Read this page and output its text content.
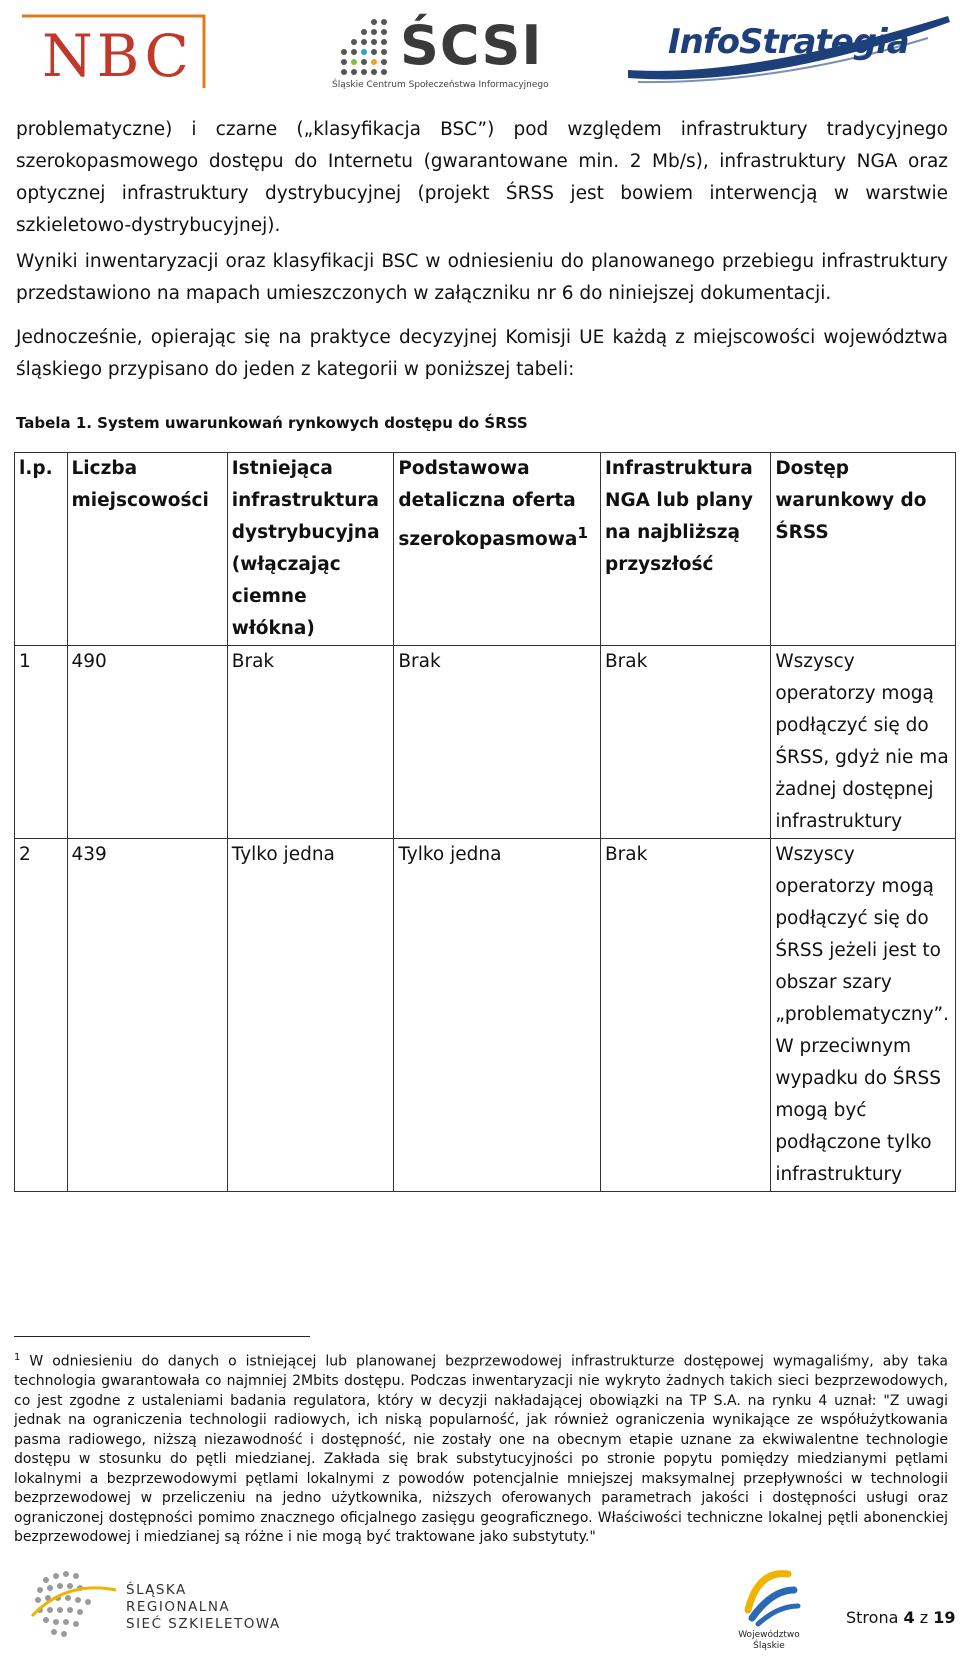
NBC	ŚCSI
Śląskie Centrum Społeczeństwa Informacyjnego
InfoStrategia
problematyczne) i czarne („klasyfikacja BSC”) pod względem infrastruktury tradycyjnego szerokopasmowego dostępu do Internetu (gwarantowane min. 2 Mb/s), infrastruktury NGA oraz optycznej infrastruktury dystrybucyjnej (projekt ŚRSS jest bowiem interwencją w warstwie szkieletowo-dystrybucyjnej).
Wyniki inwentaryzacji oraz klasyfikacji BSC w odniesieniu do planowanego przebiegu infrastruktury przedstawiono na mapach umieszczonych w załączniku nr 6 do niniejszej dokumentacji.
Jednocześnie, opierając się na praktyce decyzyjnej Komisji UE każdą z miejscowości województwa śląskiego przypisano do jeden z kategorii w poniższej tabeli:
Tabela 1. System uwarunkowań rynkowych dostępu do ŚRSS
l.p.	Liczba miejscowości	Istniejąca infrastruktura dystrybucyjna (włączając ciemne włókna)	Podstawowa detaliczna oferta szerokopasmowa$^1$	Infrastruktura NGA lub plany na najbliższą przyszłość	Dostęp warunkowy do ŚRSS
1	490	Brak	Brak	Brak	Wszyscy operatorzy mogą podłączyć się do ŚRSS, gdyż nie ma żadnej dostępnej infrastruktury
2	439	Tylko jedna	Tylko jedna	Brak	Wszyscy operatorzy mogą podłączyć się do ŚRSS jeżeli jest to obszar szary „problematyczny”. W przeciwnym wypadku do ŚRSS mogą być podłączone tylko infrastruktury
$^1$ W odniesieniu do danych o istniejącej lub planowanej bezprzewodowej infrastrukturze dostępowej wymagaliśmy, aby taka technologia gwarantowała co najmniej 2Mbits dostępu. Podczas inwentaryzacji nie wykryto żadnych takich sieci bezprzewodowych, co jest zgodne z ustaleniami badania regulatora, który w decyzji nakładającej obowiązki na TP S.A. na rynku 4 uznał: "Z uwagi jednak na ograniczenia technologii radiowych, ich niską popularność, jak również ograniczenia wynikające ze współużytkowania pasma radiowego, niższą niezawodność i dostępność, nie zostały one na obecnym etapie uznane za ekwiwalentne technologie dostępu w stosunku do pętli miedzianej. Zakłada się brak substytucyjności po stronie popytu pomiędzy miedzianymi pętlami lokalnymi a bezprzewodowymi pętlami lokalnymi z powodów potencjalnie mniejszej maksymalnej przepływności w technologii bezprzewodowej w przeliczeniu na jedno użytkownika, niższych oferowanych parametrach jakości i dostępności usługi oraz ograniczonej dostępności pomimo znacznego oficjalnego zasięgu geograficznego. Właściwości techniczne lokalnej pętli abonenckiej bezprzewodowej i miedzianej są różne i nie mogą być traktowane jako substytuty."
ŚLĄSKA
REGIONALNA
SIEĆ SZKIELETOWA
Województwo
Śląskie
Strona 4 z 19
